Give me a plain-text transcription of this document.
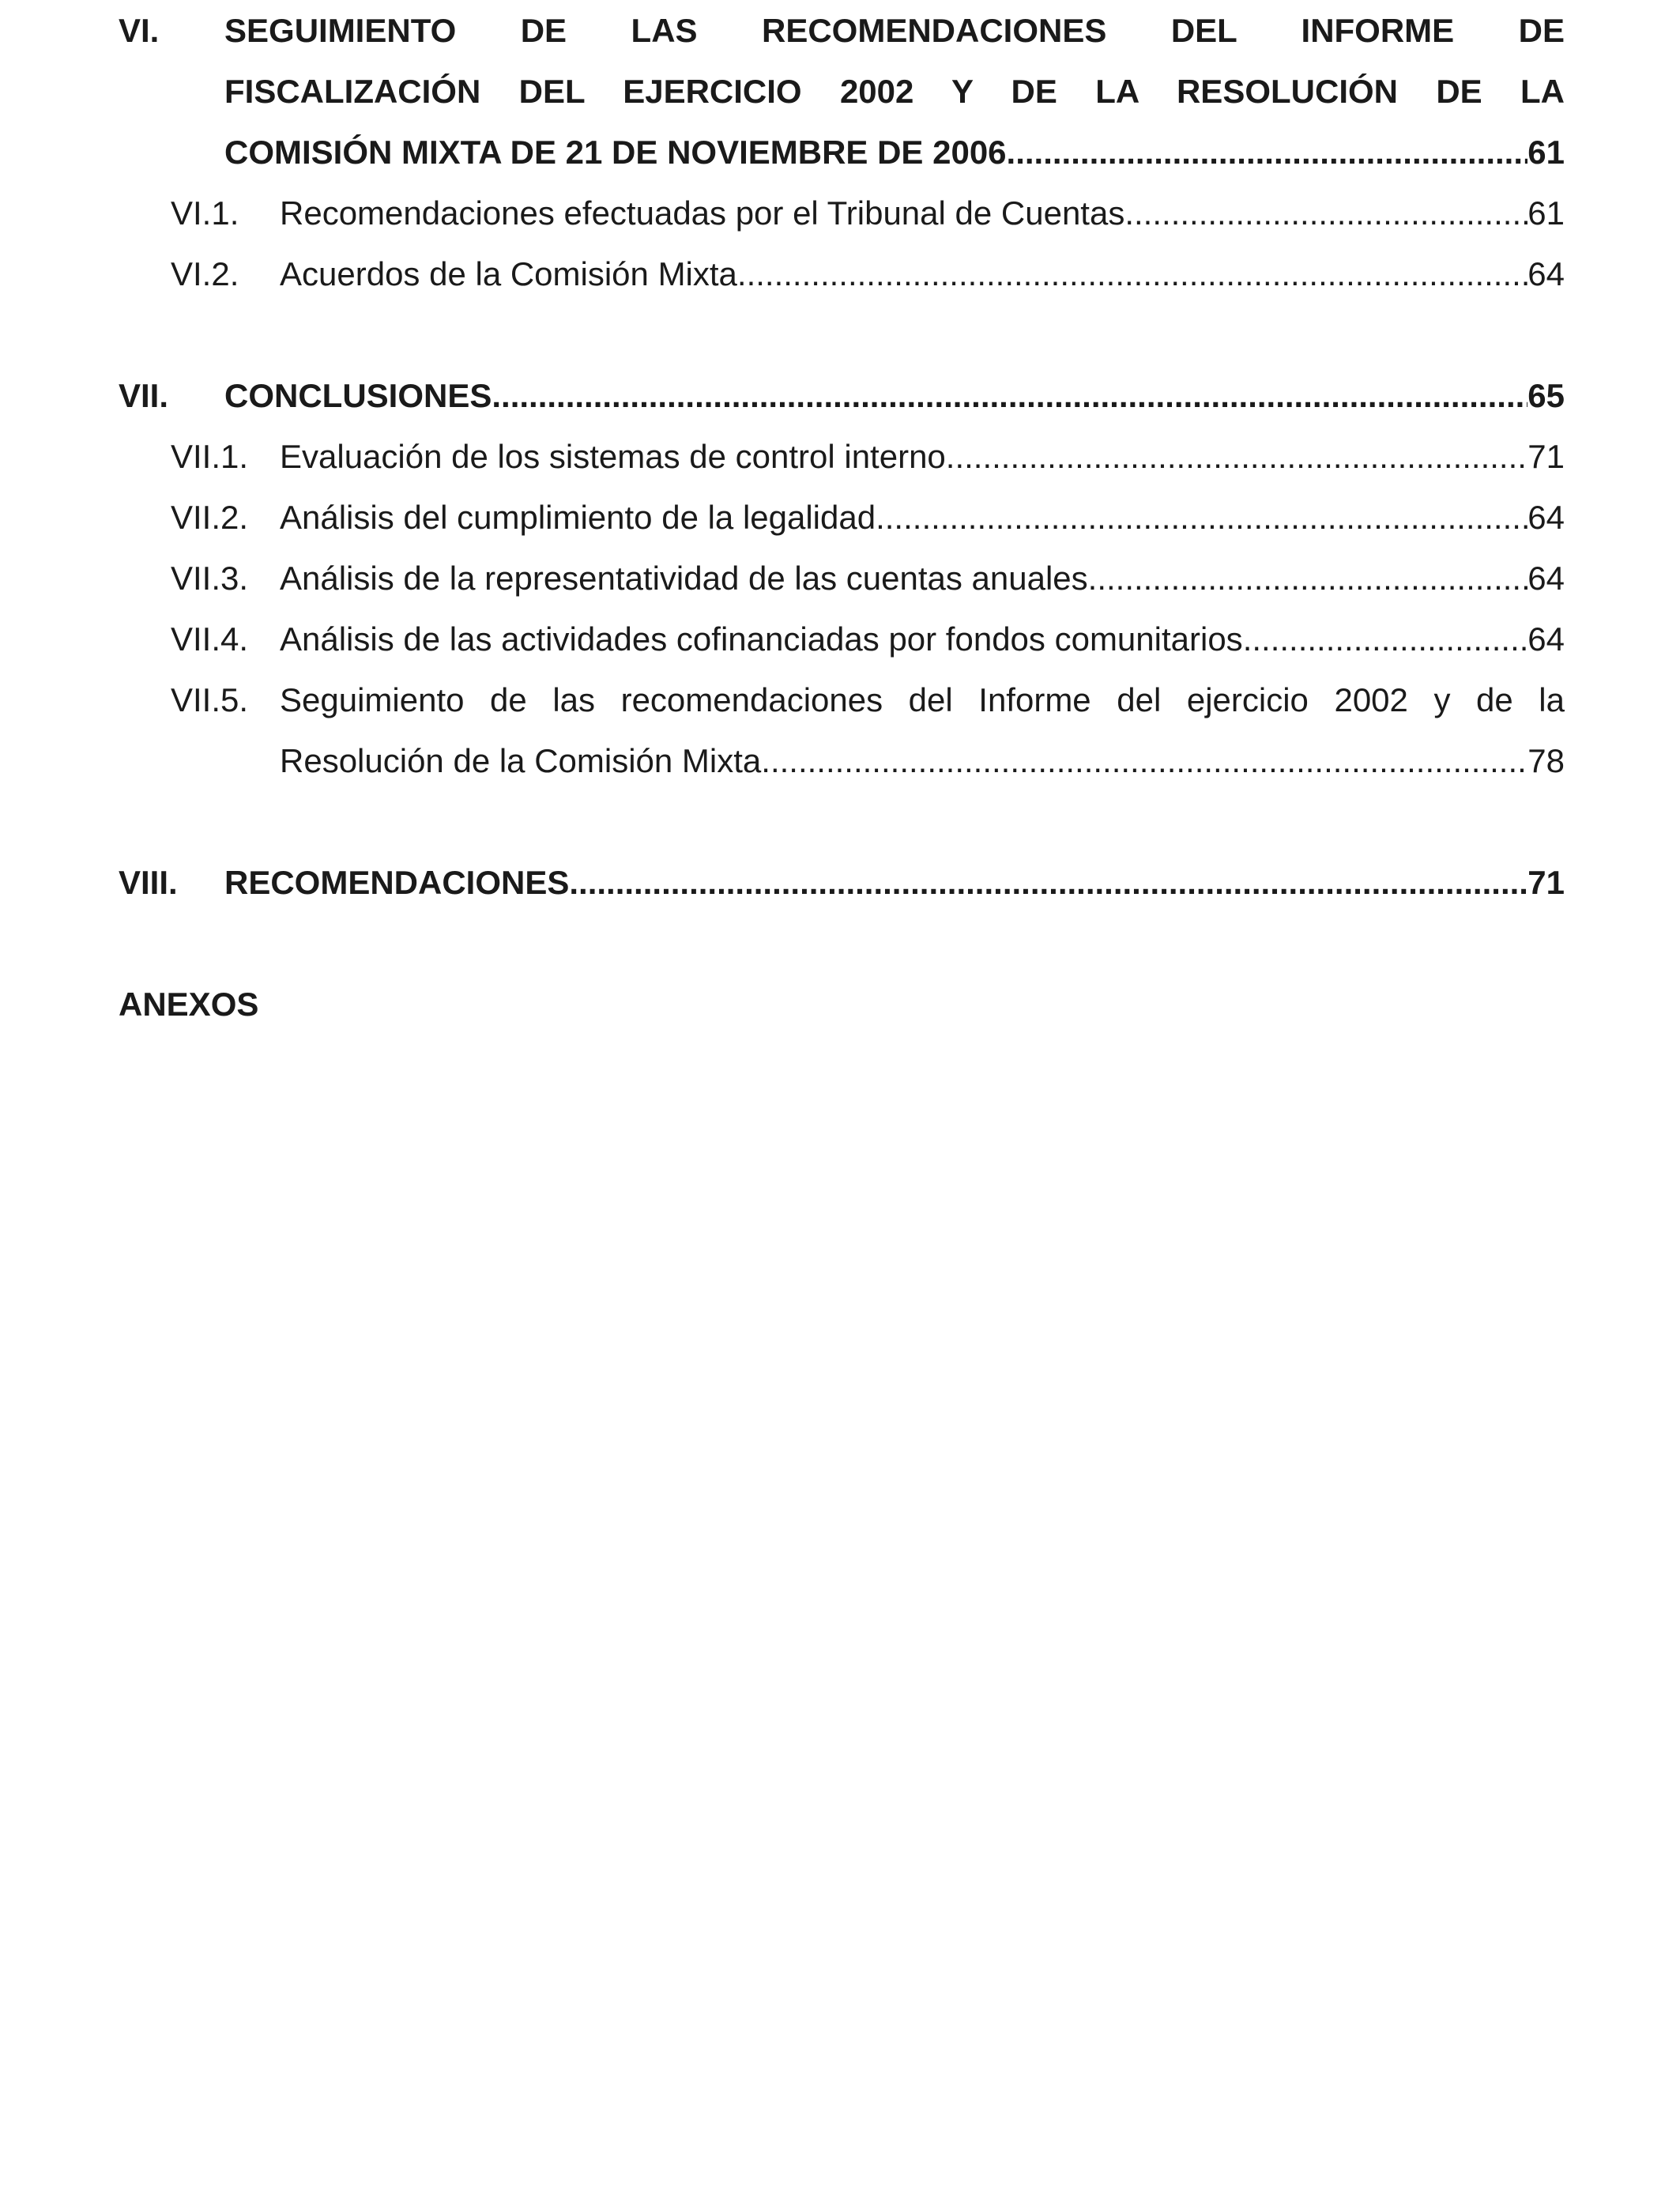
VI.	SEGUIMIENTO DE LAS RECOMENDACIONES DEL INFORME DE
FISCALIZACIÓN DEL EJERCICIO 2002 Y DE LA RESOLUCIÓN DE LA
COMISIÓN MIXTA DE 21 DE NOVIEMBRE DE 2006 .....	61
VI.1.	Recomendaciones efectuadas por el Tribunal de Cuentas .....	61
VI.2.	Acuerdos de la Comisión Mixta .....	64
VII.	CONCLUSIONES .....	65
VII.1. Evaluación de los sistemas de control interno .....	71
VII.2. Análisis del cumplimiento de la legalidad .....	64
VII.3. Análisis de la representatividad de las cuentas anuales .....	64
VII.4. Análisis de las actividades cofinanciadas por fondos comunitarios .....	64
VII.5. Seguimiento de las recomendaciones del Informe del ejercicio 2002 y de la
Resolución de la Comisión Mixta .....	78
VIII.	RECOMENDACIONES .....	71
ANEXOS
